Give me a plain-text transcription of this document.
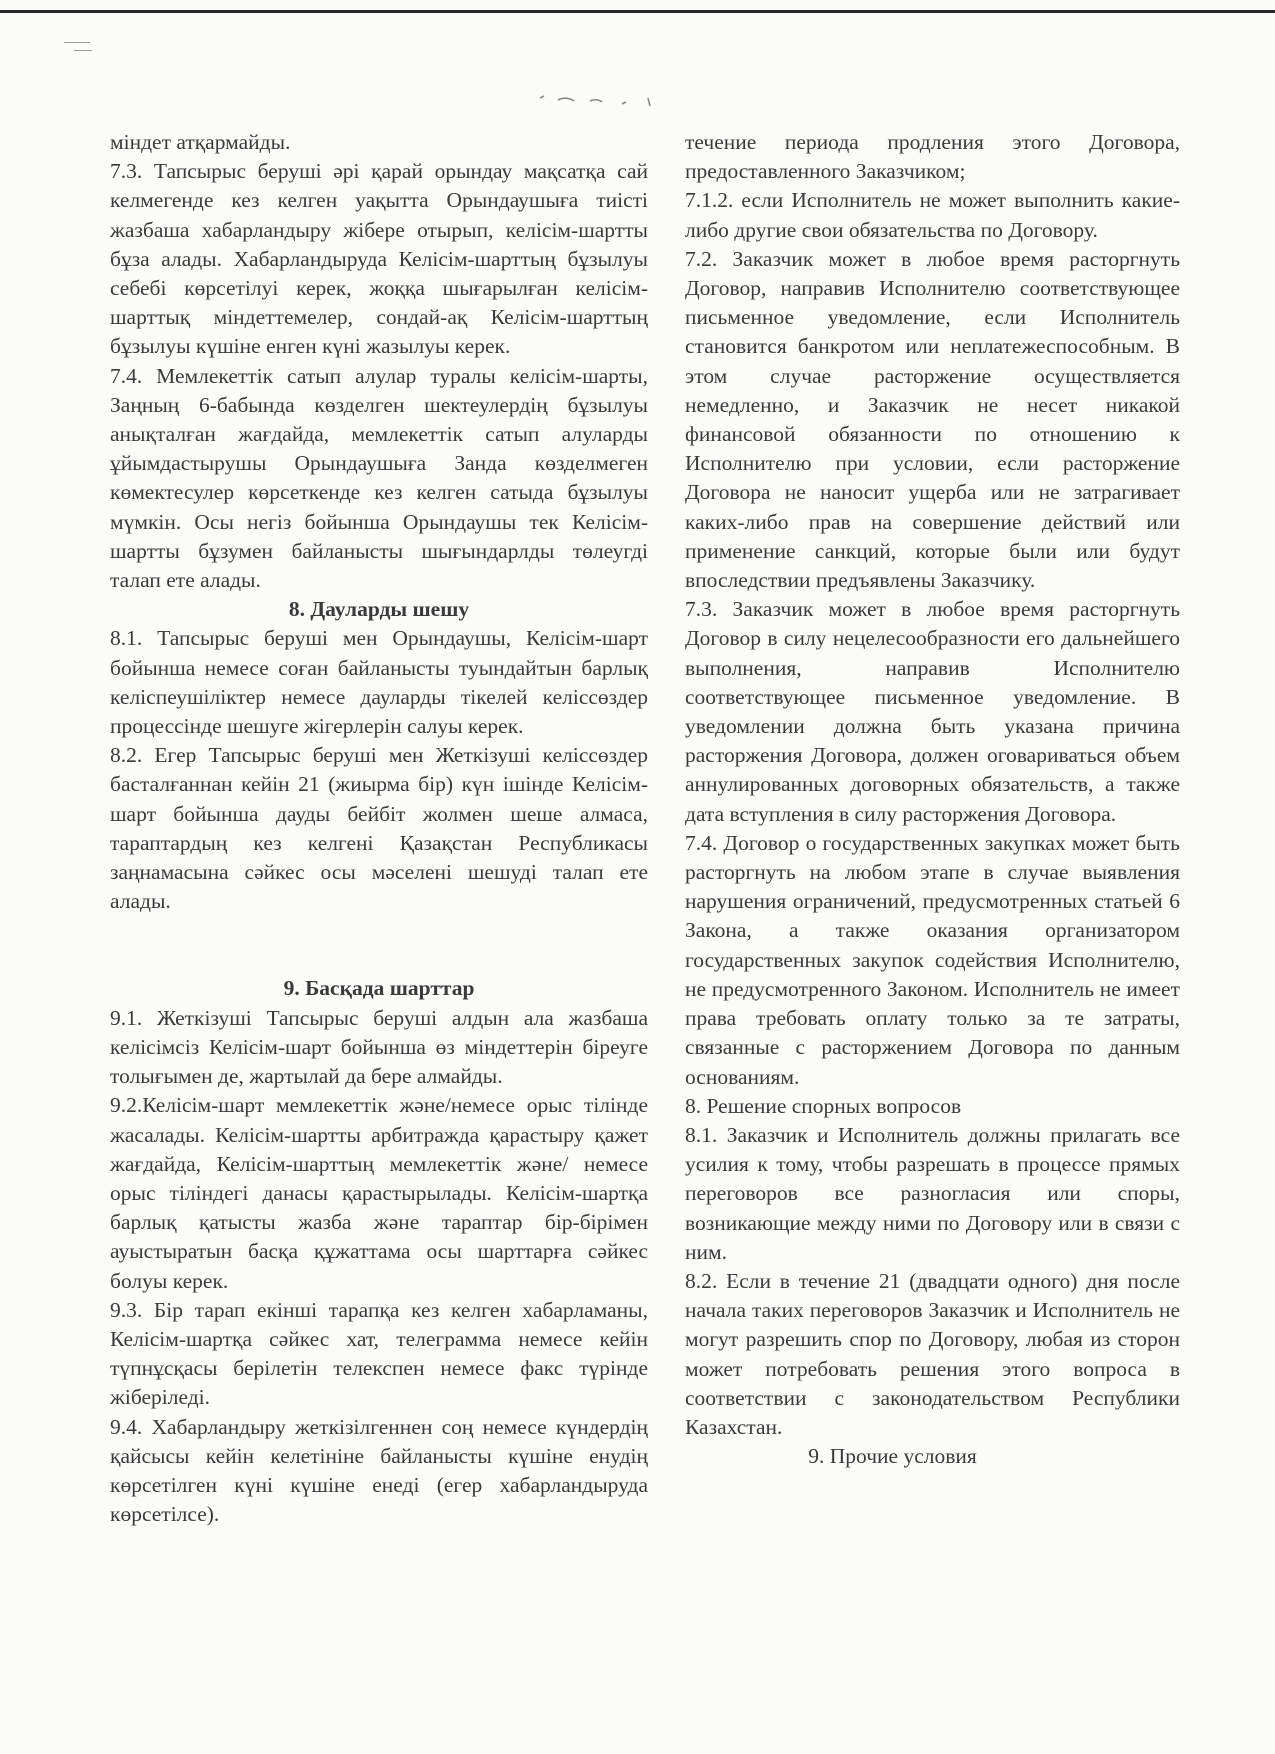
міндет атқармайды.

7.3. Тапсырыс беруші әрі қарай орындау мақсатқа сай келмегенде кез келген уақытта Орындаушыға тиісті жазбаша хабарландыру жібере отырып, келісім-шартты бұза алады. Хабарландыруда Келісім-шарттың бұзылуы себебі көрсетілуі керек, жоққа шығарылған келісім-шарттық міндеттемелер, сондай-ақ Келісім-шарттың бұзылуы күшіне енген күні жазылуы керек.

7.4. Мемлекеттік сатып алулар туралы келісім-шарты, Заңның 6-бабында көзделген шектеулердің бұзылуы анықталған жағдайда, мемлекеттік сатып алуларды ұйымдастырушы Орындаушыға Занда көзделмеген көмектесулер көрсеткенде кез келген сатыда бұзылуы мүмкін. Осы негіз бойынша Орындаушы тек Келісім-шартты бұзумен байланысты шығындарлды төлеугді талап ете алады.

8. Дауларды шешу

8.1. Тапсырыс беруші мен Орындаушы, Келісім-шарт бойынша немесе соған байланысты туындайтын барлық келіспеушіліктер немесе дауларды тікелей келіссөздер процессінде шешуге жігерлерін салуы керек.

8.2. Егер Тапсырыс беруші мен Жеткізуші келіссөздер басталғаннан кейін 21 (жиырма бір) күн ішінде Келісім-шарт бойынша дауды бейбіт жолмен шеше алмаса, тараптардың кез келгені Қазақстан Республикасы заңнамасына сәйкес осы мәселені шешуді талап ете алады.

9. Басқада шарттар

9.1. Жеткізуші Тапсырыс беруші алдын ала жазбаша келісімсіз Келісім-шарт бойынша өз міндеттерін біреуге толығымен де, жартылай да бере алмайды.

9.2.Келісім-шарт мемлекеттік және/немесе орыс тілінде жасалады. Келісім-шартты арбитражда қарастыру қажет жағдайда, Келісім-шарттың мемлекеттік және/ немесе орыс тіліндегі данасы қарастырылады. Келісім-шартқа барлық қатысты жазба және тараптар бір-бірімен ауыстыратын басқа құжаттама осы шарттарға сәйкес болуы керек.

9.3. Бір тарап екінші тарапқа кез келген хабарламаны, Келісім-шартқа сәйкес хат, телеграмма немесе кейін түпнұсқасы берілетін телекспен немесе факс түрінде жіберіледі.

9.4. Хабарландыру жеткізілгеннен соң немесе күндердің қайсысы кейін келетініне байланысты күшіне енудің көрсетілген күні күшіне енеді (егер хабарландыруда көрсетілсе).

течение периода продления этого Договора, предоставленного Заказчиком;

7.1.2. если Исполнитель не может выполнить какие-либо другие свои обязательства по Договору.

7.2. Заказчик может в любое время расторгнуть Договор, направив Исполнителю соответствующее письменное уведомление, если Исполнитель становится банкротом или неплатежеспособным. В этом случае расторжение осуществляется немедленно, и Заказчик не несет никакой финансовой обязанности по отношению к Исполнителю при условии, если расторжение Договора не наносит ущерба или не затрагивает каких-либо прав на совершение действий или применение санкций, которые были или будут впоследствии предъявлены Заказчику.

7.3. Заказчик может в любое время расторгнуть Договор в силу нецелесообразности его дальнейшего выполнения, направив Исполнителю соответствующее письменное уведомление. В уведомлении должна быть указана причина расторжения Договора, должен оговариваться объем аннулированных договорных обязательств, а также дата вступления в силу расторжения Договора.

7.4. Договор о государственных закупках может быть расторгнуть на любом этапе в случае выявления нарушения ограничений, предусмотренных статьей 6 Закона, а также оказания организатором государственных закупок содействия Исполнителю, не предусмотренного Законом. Исполнитель не имеет права требовать оплату только за те затраты, связанные с расторжением Договора по данным основаниям.

8. Решение спорных вопросов

8.1. Заказчик и Исполнитель должны прилагать все усилия к тому, чтобы разрешать в процессе прямых переговоров все разногласия или споры, возникающие между ними по Договору или в связи с ним.

8.2. Если в течение 21 (двадцати одного) дня после начала таких переговоров Заказчик и Исполнитель не могут разрешить спор по Договору, любая из сторон может потребовать решения этого вопроса в соответствии с законодательством Республики Казахстан.

9. Прочие условия
